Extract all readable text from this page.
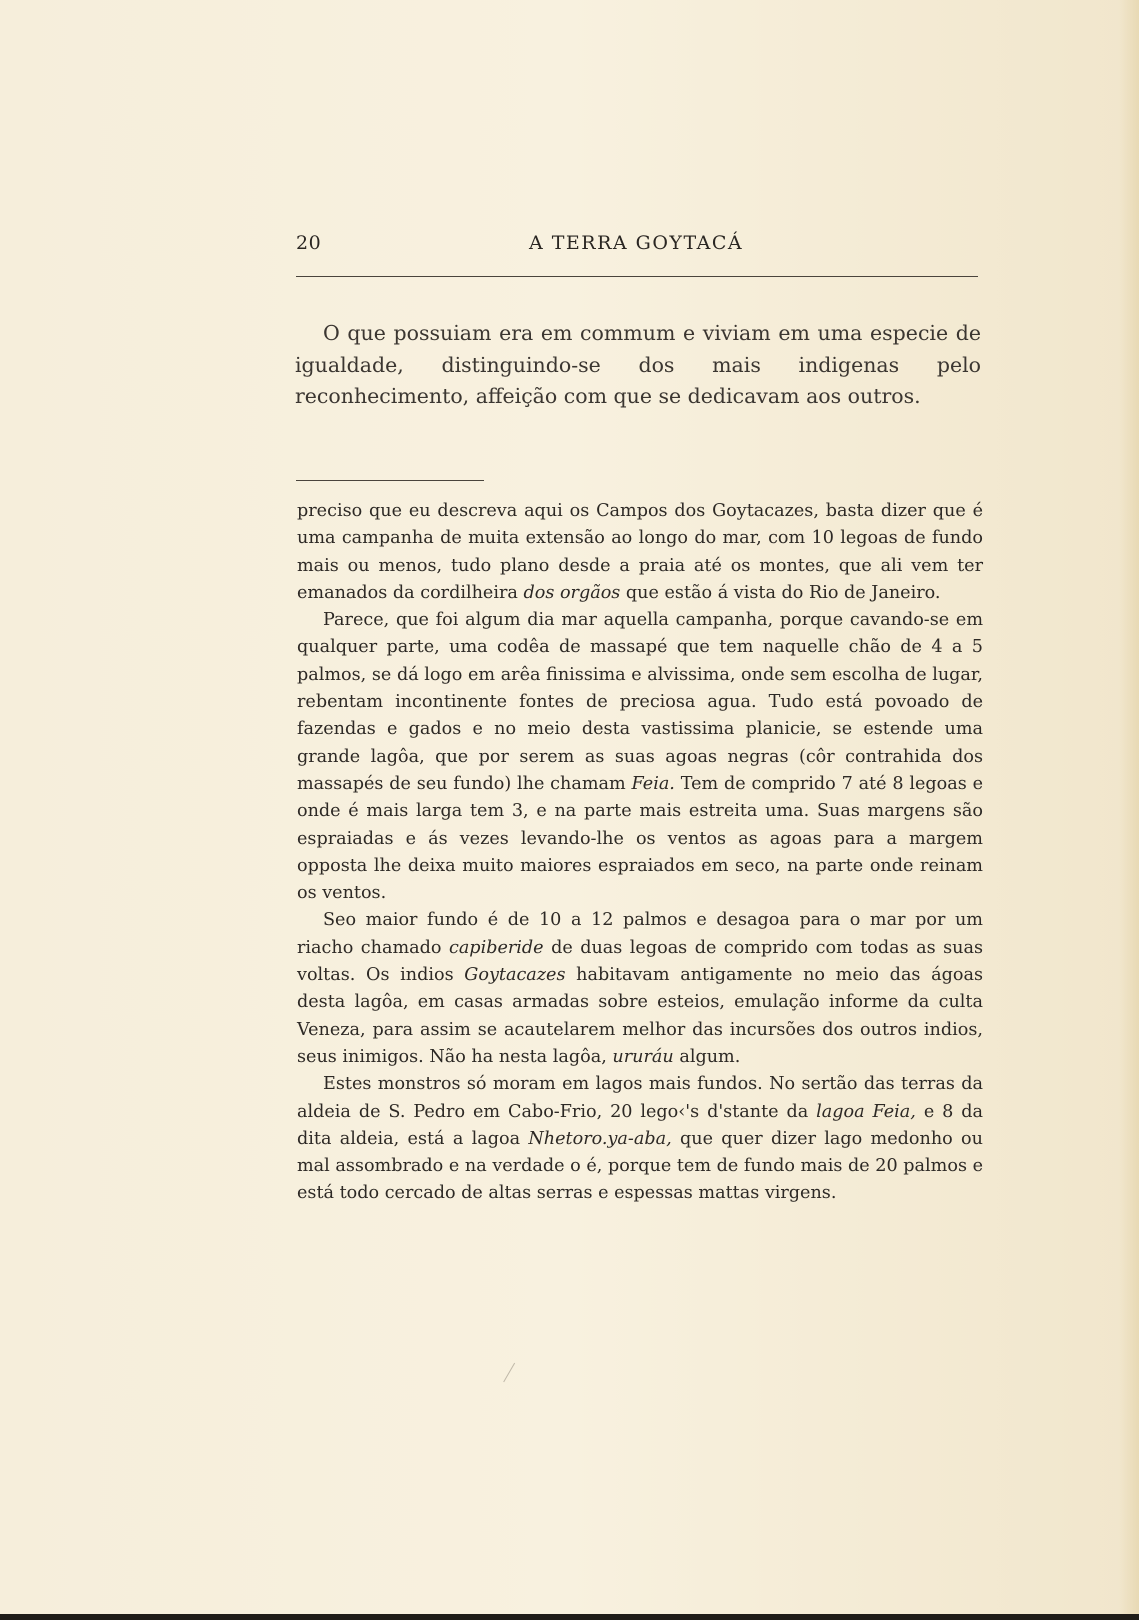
20	A TERRA GOYTACÁ

O que possuiam era em commum e viviam em uma especie de igualdade, distinguindo-se dos mais indigenas pelo reconhecimento, affeição com que se dedicavam aos outros.

preciso que eu descreva aqui os Campos dos Goytacazes, basta dizer que é uma campanha de muita extensão ao longo do mar, com 10 legoas de fundo mais ou menos, tudo plano desde a praia até os montes, que ali vem ter emanados da cordilheira dos orgãos que estão á vista do Rio de Janeiro.

Parece, que foi algum dia mar aquella campanha, porque cavando-se em qualquer parte, uma codêa de massapé que tem naquelle chão de 4 a 5 palmos, se dá logo em arêa finissima e alvissima, onde sem escolha de lugar, rebentam incontinente fontes de preciosa agua. Tudo está povoado de fazendas e gados e no meio desta vastissima planicie, se estende uma grande lagôa, que por serem as suas agoas negras (côr contrahida dos massapés de seu fundo) lhe chamam Feia. Tem de comprido 7 até 8 legoas e onde é mais larga tem 3, e na parte mais estreita uma. Suas margens são espraiadas e ás vezes levando-lhe os ventos as agoas para a margem opposta lhe deixa muito maiores espraiados em seco, na parte onde reinam os ventos.

Seo maior fundo é de 10 a 12 palmos e desagoa para o mar por um riacho chamado capiberide de duas legoas de comprido com todas as suas voltas. Os indios Goytacazes habitavam antigamente no meio das ágoas desta lagôa, em casas armadas sobre esteios, emulação informe da culta Veneza, para assim se acautelarem melhor das incursões dos outros indios, seus inimigos. Não ha nesta lagôa, ururáu algum.

Estes monstros só moram em lagos mais fundos. No sertão das terras da aldeia de S. Pedro em Cabo-Frio, 20 lego‹'s d'stante da lagoa Feia, e 8 da dita aldeia, está a lagoa Nhetoro.ya-aba, que quer dizer lago medonho ou mal assombrado e na verdade o é, porque tem de fundo mais de 20 palmos e está todo cercado de altas serras e espessas mattas virgens.
